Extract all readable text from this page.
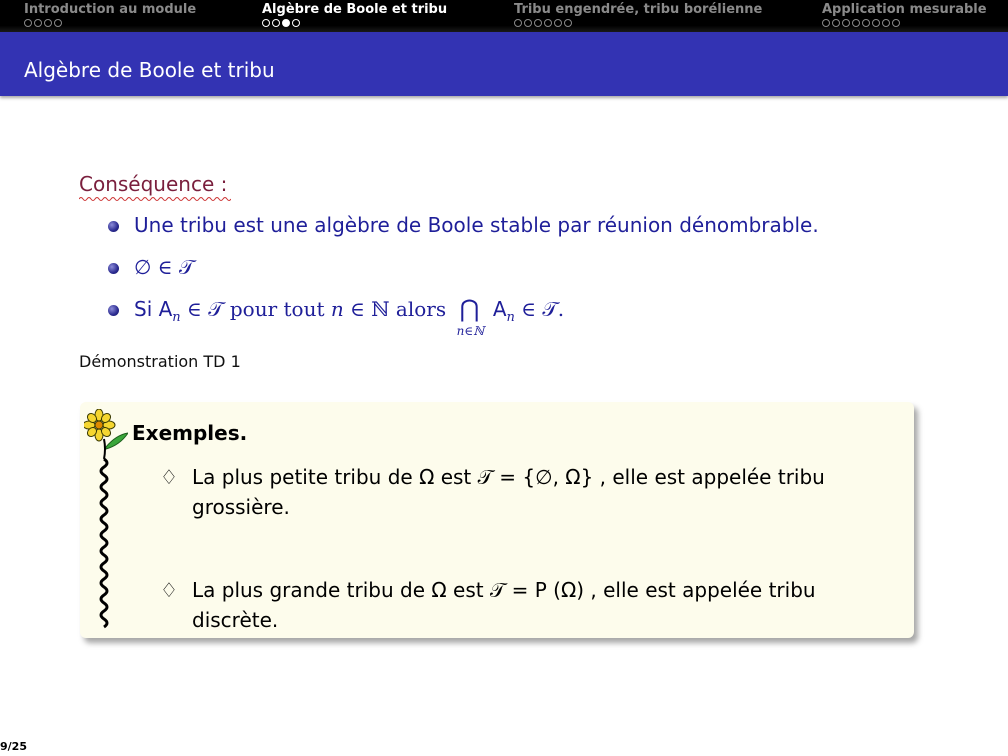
Introduction au module	Algèbre de Boole et tribu	Tribu engendrée, tribu borélienne	Application mesurable
Algèbre de Boole et tribu
Conséquence :
Une tribu est une algèbre de Boole stable par réunion dénombrable.
∅ ∈ 𝒯
Si $A_n$ ∈ 𝒯 pour tout n ∈ ℕ alors ⋂
n∈ℕ
$A_n$ ∈ 𝒯.
Démonstration TD 1
Exemples.
♢ La plus petite tribu de Ω est 𝒯 = {∅, Ω} , elle est appelée tribu grossière.
♢ La plus grande tribu de Ω est 𝒯 = P (Ω) , elle est appelée tribu discrète.
9/25
